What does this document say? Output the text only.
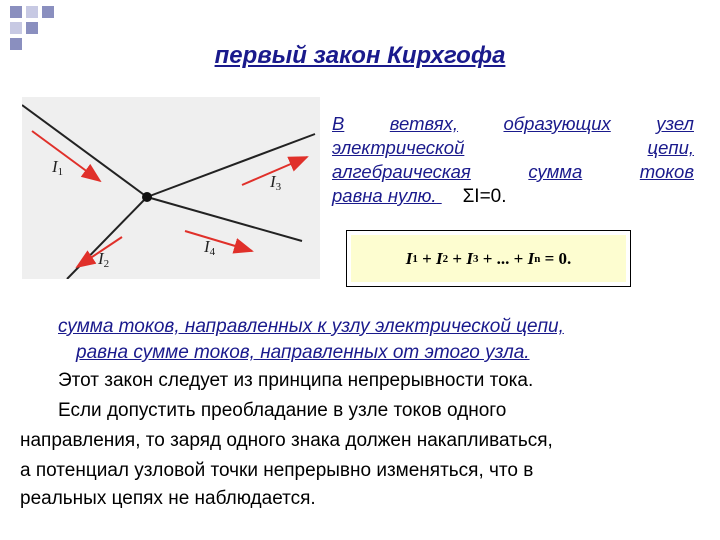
первый закон Кирхгофа
$I_1$
$I_2$
$I_3$
$I_4$
В ветвях, образующих узел
электрической	цепи,
алгебраическая	сумма	токов
равна нулю. ΣI=0.
I 1
+
I 2
+
I 3
+ ... +
I n
= 0.
сумма токов, направленных к узлу электрической цепи,
равна сумме токов, направленных от этого узла.
Этот закон следует из принципа непрерывности тока.
Если допустить преобладание в узле токов одного
направления, то заряд одного знака должен накапливаться,
а потенциал узловой точки непрерывно изменяться, что в
реальных цепях не наблюдается.
